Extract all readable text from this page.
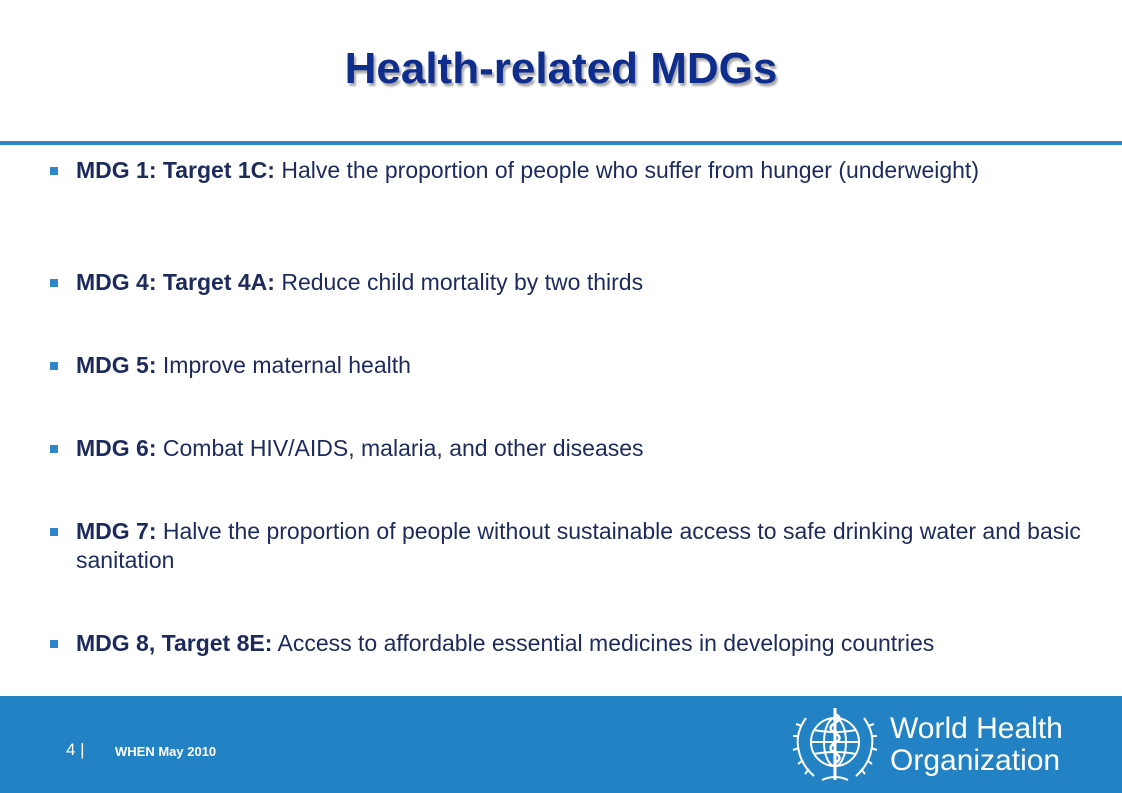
Health-related MDGs
MDG 1: Target 1C: Halve the proportion of people who suffer from hunger (underweight)
MDG 4: Target 4A: Reduce child mortality by two thirds
MDG 5: Improve maternal health
MDG 6: Combat HIV/AIDS, malaria, and other diseases
MDG 7: Halve the proportion of people without sustainable access to safe drinking water and basic sanitation
MDG 8, Target 8E: Access to affordable essential medicines in developing countries
4 | WHEN May 2010
World Health
Organization
